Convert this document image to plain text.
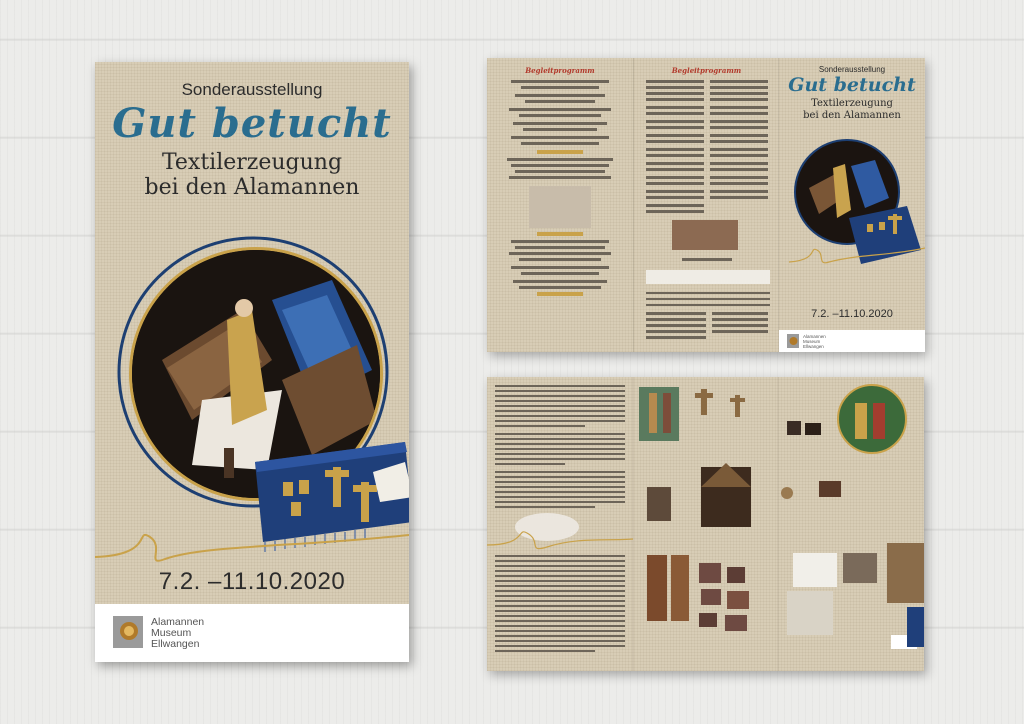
Sonderausstellung
Gut betucht
Textilerzeugung
bei den Alamannen
7.2. –11.10.2020
Alamannen
Museum
Ellwangen
Begleitprogramm	Begleitprogramm	Sonderausstellung
Gut betucht
Textilerzeugung
bei den Alamannen
7.2. –11.10.2020
Alamannen
Museum
Ellwangen
